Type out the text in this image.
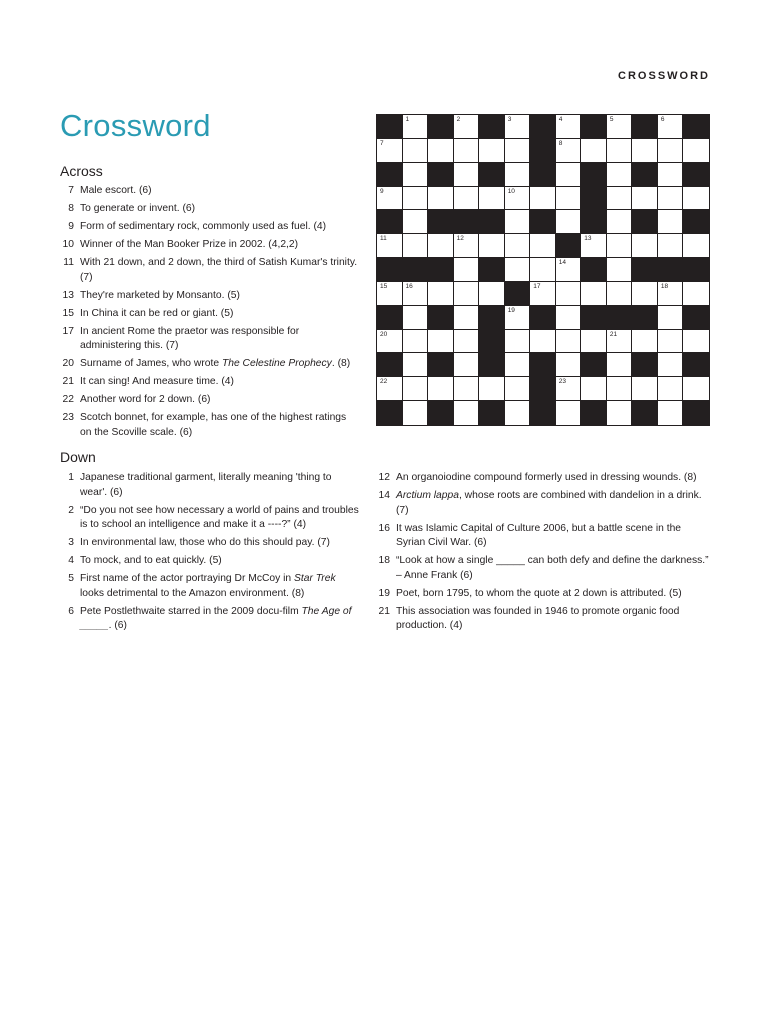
CROSSWORD
Crossword
Across
7 Male escort. (6)
8 To generate or invent. (6)
9 Form of sedimentary rock, commonly used as fuel. (4)
10 Winner of the Man Booker Prize in 2002. (4,2,2)
11 With 21 down, and 2 down, the third of Satish Kumar's trinity. (7)
13 They're marketed by Monsanto. (5)
15 In China it can be red or giant. (5)
17 In ancient Rome the praetor was responsible for administering this. (7)
20 Surname of James, who wrote The Celestine Prophecy. (8)
21 It can sing! And measure time. (4)
22 Another word for 2 down. (6)
23 Scotch bonnet, for example, has one of the highest ratings on the Scoville scale. (6)
Down
1 Japanese traditional garment, literally meaning 'thing to wear'. (6)
2 “Do you not see how necessary a world of pains and troubles is to school an intelligence and make it a ----?” (4)
3 In environmental law, those who do this should pay. (7)
4 To mock, and to eat quickly. (5)
5 First name of the actor portraying Dr McCoy in Star Trek looks detrimental to the Amazon environment. (8)
6 Pete Postlethwaite starred in the 2009 docu-film The Age of _____. (6)
12 An organoiodine compound formerly used in dressing wounds. (8)
14 Arctium lappa, whose roots are combined with dandelion in a drink. (7)
16 It was Islamic Capital of Culture 2006, but a battle scene in the Syrian Civil War. (6)
18 “Look at how a single _____ can both defy and define the darkness.” – Anne Frank (6)
19 Poet, born 1795, to whom the quote at 2 down is attributed. (5)
21 This association was founded in 1946 to promote organic food production. (4)
1	2	3	4	5	6
7	8
9	10
11	12	13
14
15	16	17	18
19
20	21
22	23
